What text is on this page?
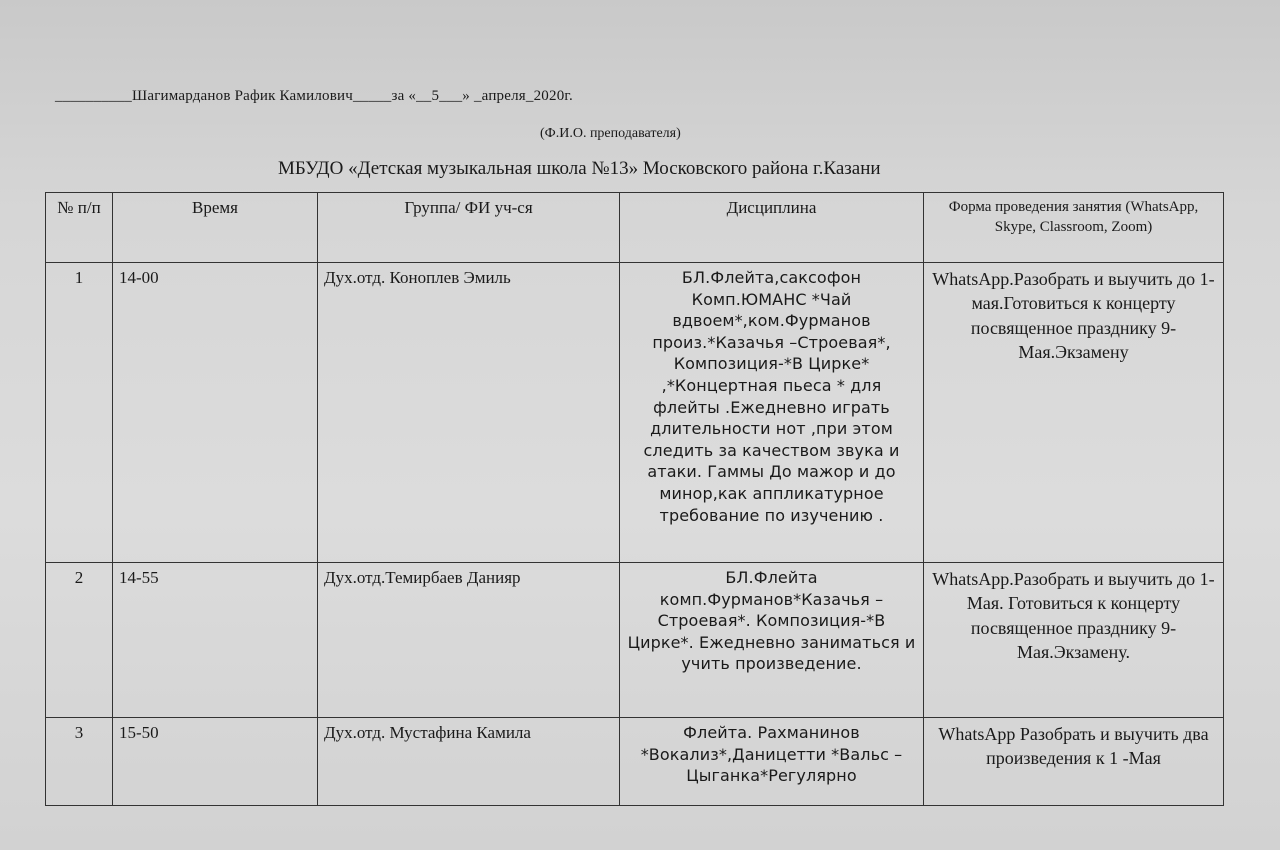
__________Шагимарданов Рафик Камилович_____за «__5___» _апреля_2020г.
(Ф.И.О. преподавателя)
МБУДО «Детская музыкальная школа №13» Московского района г.Казани
№ п/п	Время	Группа/ ФИ уч-ся	Дисциплина	Форма проведения занятия (WhatsApp, Skype, Classroom, Zoom)
1	14-00	Дух.отд. Коноплев Эмиль	БЛ.Флейта,саксофон Комп.ЮМАНС *Чай вдвоем*,ком.Фурманов произ.*Казачья –Строевая*, Композиция-*В Цирке* ,*Концертная пьеса * для флейты .Ежедневно играть длительности нот ,при этом следить за качеством звука и атаки. Гаммы До мажор и до минор,как аппликатурное требование по изучению .	WhatsApp.Разобрать и выучить до 1-мая.Готовиться к концерту посвященное празднику 9-Мая.Экзамену
2	14-55	Дух.отд.Темирбаев Данияр	БЛ.Флейта комп.Фурманов*Казачья –Строевая*. Композиция-*В Цирке*. Ежедневно заниматься и учить произведение.	WhatsApp.Разобрать и выучить до 1-Мая. Готовиться к концерту посвященное празднику 9-Мая.Экзамену.
3	15-50	Дух.отд. Мустафина Камила	Флейта. Рахманинов *Вокализ*,Даницетти *Вальс –Цыганка*Регулярно	WhatsApp Разобрать и выучить два произведения к 1 -Мая
